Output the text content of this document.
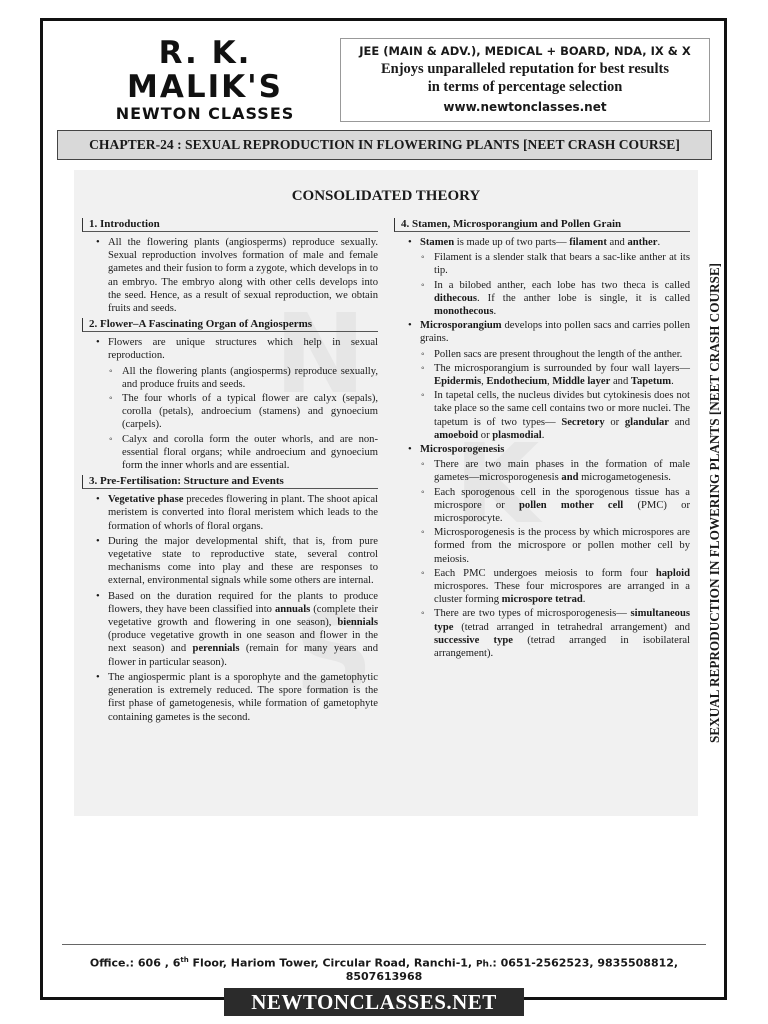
R. K. MALIK'S
NEWTON CLASSES
JEE (MAIN & ADV.), MEDICAL + BOARD, NDA, IX & X
Enjoys unparalleled reputation for best results
in terms of percentage selection
www.newtonclasses.net
CHAPTER-24 : SEXUAL REPRODUCTION IN FLOWERING PLANTS [NEET CRASH COURSE]
CONSOLIDATED THEORY
1. Introduction
• All the flowering plants (angiosperms) reproduce sexually. Sexual reproduction involves formation of male and female gametes and their fusion to form a zygote, which develops in to an embryo. The embryo along with other cells develops into the seed. Hence, as a result of sexual reproduction, we obtain fruits and seeds.
2. Flower–A Fascinating Organ of Angiosperms
• Flowers are unique structures which help in sexual reproduction.
◦ All the flowering plants (angiosperms) reproduce sexually, and produce fruits and seeds.
◦ The four whorls of a typical flower are calyx (sepals), corolla (petals), androecium (stamens) and gynoecium (carpels).
◦ Calyx and corolla form the outer whorls, and are non-essential floral organs; while androecium and gynoecium form the inner whorls and are essential.
3. Pre-Fertilisation: Structure and Events
• Vegetative phase precedes flowering in plant. The shoot apical meristem is converted into floral meristem which leads to the formation of whorls of floral organs.
• During the major developmental shift, that is, from pure vegetative state to reproductive state, several control mechanisms come into play and these are responses to external, environmental signals while some others are internal.
• Based on the duration required for the plants to produce flowers, they have been classified into annuals (complete their vegetative growth and flowering in one season), biennials (produce vegetative growth in one season and flower in the next season) and perennials (remain for many years and flower in particular season).
• The angiospermic plant is a sporophyte and the gametophytic generation is extremely reduced. The spore formation is the first phase of gametogenesis, while formation of gametophyte containing gametes is the second.
4. Stamen, Microsporangium and Pollen Grain
• Stamen is made up of two parts— filament and anther.
◦ Filament is a slender stalk that bears a sac-like anther at its tip.
◦ In a bilobed anther, each lobe has two theca is called dithecous. If the anther lobe is single, it is called monothecous.
• Microsporangium develops into pollen sacs and carries pollen grains.
◦ Pollen sacs are present throughout the length of the anther.
◦ The microsporangium is surrounded by four wall layers—Epidermis, Endothecium, Middle layer and Tapetum.
◦ In tapetal cells, the nucleus divides but cytokinesis does not take place so the same cell contains two or more nuclei. The tapetum is of two types— Secretory or glandular and amoeboid or plasmodial.
• Microsporogenesis
◦ There are two main phases in the formation of male gametes—microsporogenesis and microgametogenesis.
◦ Each sporogenous cell in the sporogenous tissue has a microspore or pollen mother cell (PMC) or microsporocyte.
◦ Microsporogenesis is the process by which microspores are formed from the microspore or pollen mother cell by meiosis.
◦ Each PMC undergoes meiosis to form four haploid microspores. These four microspores are arranged in a cluster forming microspore tetrad.
◦ There are two types of microsporogenesis— simultaneous type (tetrad arranged in tetrahedral arrangement) and successive type (tetrad arranged in isobilateral arrangement).	SEXUAL REPRODUCTION IN FLOWERING PLANTS [NEET CRASH COURSE]
Office.: 606 , 6th Floor, Hariom Tower, Circular Road, Ranchi-1, Ph.: 0651-2562523, 9835508812, 8507613968
NEWTONCLASSES.NET
